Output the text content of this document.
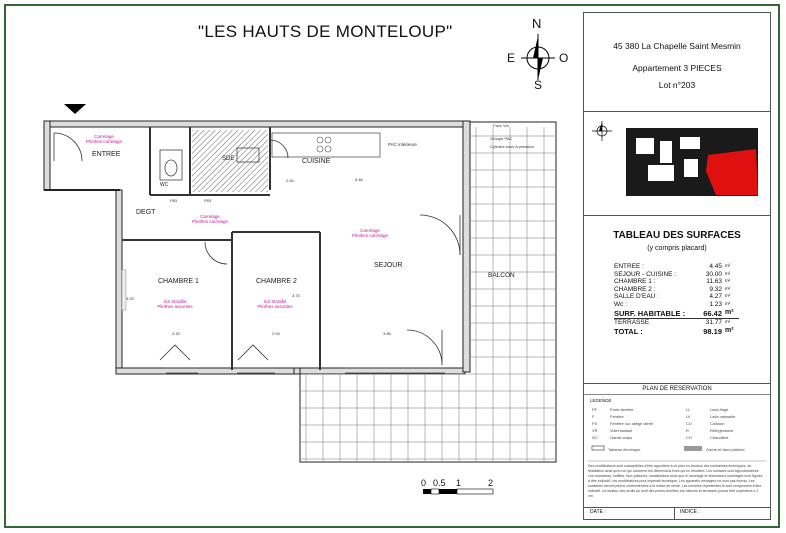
"LES HAUTS DE MONTELOUP"	N
E	O
S
ENTREE
DEGT
CUISINE
SEJOUR
CHAMBRE 1	CHAMBRE 2
BALCON
SDE
WC
Carrelage
Plinthes carrelage
Carrelage
Plinthes carrelage
Carrelage
Plinthes carrelage
Sol Stratifié
Plinthes assorties
Sol Stratifié
Plinthes assorties
PAC intérieure
Faux Vol
Groupe PAC
Cylindre sous à pression
2.54	5.46
3.53
3.75
3.30	2.93	3.86
P83	P83
0 0.5 1	2
45 380 La Chapelle Saint Mesmin
Appartement 3 PIECES
Lot n°203
TABLEAU DES SURFACES
(y compris placard)
ENTREE :	4.45 m²
SEJOUR - CUISINE :	30.00 m²
CHAMBRE 1 :	11.63 m²
CHAMBRE 2 :	9.32 m²
SALLE D'EAU :	4.27 m²
Wc :	1.23 m²
SURF. HABITABLE :	66.42 m²
TERRASSE	31.77 m²
TOTAL :	98.19 m²
PLAN DE RESERVATION
LEGENDE
PF	Porte-fenêtre	LL	Lave-linge
F	Fenêtre	LV	Lave-vaisselle
FS	Fenêtre sur allège vitrée	CU	Cuisson
VR	Volet battant	R	Réfrigérateur
GC	Garde-corps	CH	Chaudière
Tableau électrique	Gaîne et faux-plafond
Des modifications sont susceptibles d'être apportées à ce plan en fonction des contraintes techniques, de réalisation ainsi qu'en ce qui concerne les dimensions fixes qui en résultent. Les surfaces sont approximatives. Les retombées, soffites, faux-plafonds, canalisations ainsi que le carrelage et dimensions carrelages sont figurés à titre indicatif. Les modifications pour impératif technique. Les appareils ménagers ne sont pas fournis. Les sanitaires seront prévus conformément à la notice de vente. Les meubles représentés le sont uniquement à titre indicatif. La hauteur des seuils au droit des portes-fenêtres sur balcons et terrasses pourra être supérieure à 2 cm.
DATE :	INDICE :
